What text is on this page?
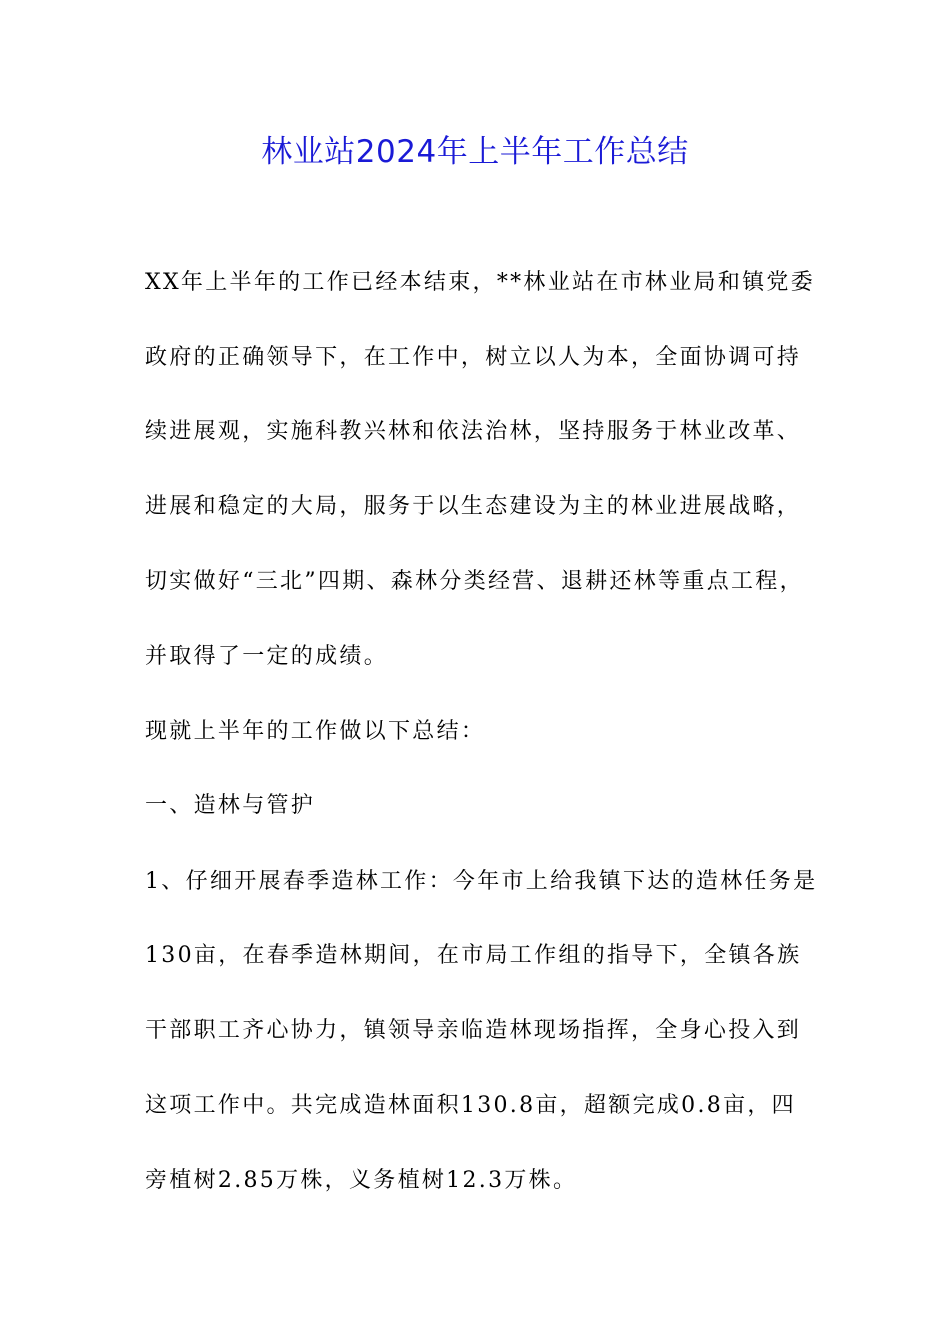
林业站2024年上半年工作总结
XX年上半年的工作已经本结束，**林业站在市林业局和镇党委
政府的正确领导下，在工作中，树立以人为本，全面协调可持
续进展观，实施科教兴林和依法治林，坚持服务于林业改革、
进展和稳定的大局，服务于以生态建设为主的林业进展战略，
切实做好“三北”四期、森林分类经营、退耕还林等重点工程，
并取得了一定的成绩。
现就上半年的工作做以下总结：
一、造林与管护
1、仔细开展春季造林工作：今年市上给我镇下达的造林任务是
130亩，在春季造林期间，在市局工作组的指导下，全镇各族
干部职工齐心协力，镇领导亲临造林现场指挥，全身心投入到
这项工作中。共完成造林面积130.8亩，超额完成0.8亩，四
旁植树2.85万株，义务植树12.3万株。
